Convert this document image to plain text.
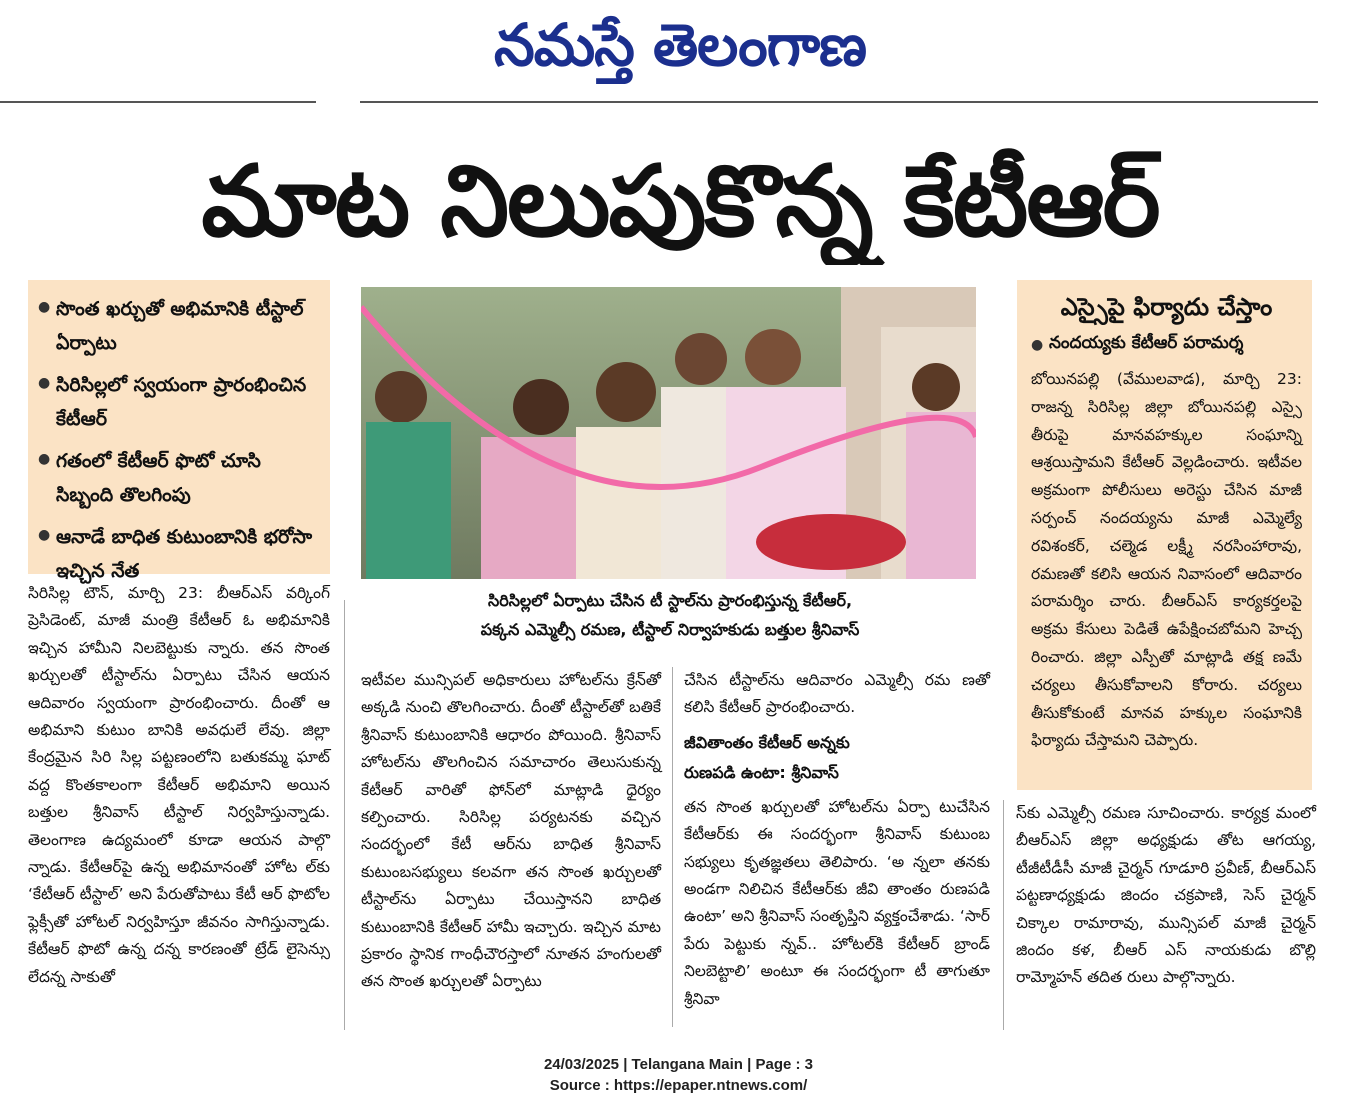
నమస్తే తెలంగాణ
మాట నిలుపుకొన్న కేటీఆర్
● సొంత ఖర్చుతో అభిమానికి టీస్టాల్ ఏర్పాటు
● సిరిసిల్లలో స్వయంగా ప్రారంభించిన కేటీఆర్
● గతంలో కేటీఆర్ ఫొటో చూసి సిబ్బంది తొలగింపు
● ఆనాడే బాధిత కుటుంబానికి భరోసా ఇచ్చిన నేత
సిరిసిల్లలో ఏర్పాటు చేసిన టీ స్టాల్‌ను ప్రారంభిస్తున్న కేటీఆర్,
పక్కన ఎమ్మెల్సీ రమణ, టీస్టాల్ నిర్వాహకుడు బత్తుల శ్రీనివాస్
ఎస్సైపై ఫిర్యాదు చేస్తాం
● నందయ్యకు కేటీఆర్ పరామర్శ
బోయినపల్లి (వేములవాడ), మార్చి 23: రాజన్న సిరిసిల్ల జిల్లా బోయినపల్లి ఎస్సై తీరుపై మానవహక్కుల సంఘాన్ని ఆశ్రయిస్తామని కేటీఆర్ వెల్లడించారు. ఇటీవల అక్రమంగా పోలీసులు అరెస్టు చేసిన మాజీ సర్పంచ్ నందయ్యను మాజీ ఎమ్మెల్యే రవిశంకర్, చల్మెడ లక్ష్మీ నరసింహారావు, రమణతో కలిసి ఆయన నివాసంలో ఆదివారం పరామర్శిం చారు. బీఆర్‌ఎస్ కార్యకర్తలపై అక్రమ కేసులు పెడితే ఉపేక్షించబోమని హెచ్చ రించారు. జిల్లా ఎస్పీతో మాట్లాడి తక్ష ణమే చర్యలు తీసుకోవాలని కోరారు. చర్యలు తీసుకోకుంటే మానవ హక్కుల సంఘానికి ఫిర్యాదు చేస్తామని చెప్పారు.
సిరిసిల్ల టౌన్, మార్చి 23: బీఆర్‌ఎస్ వర్కింగ్ ప్రెసిడెంట్, మాజీ మంత్రి కేటీఆర్ ఓ అభిమానికి ఇచ్చిన హామీని నిలబెట్టుకు న్నారు. తన సొంత ఖర్చులతో టీస్టాల్‌ను ఏర్పాటు చేసిన ఆయన ఆదివారం స్వయంగా ప్రారంభించారు. దీంతో ఆ అభిమాని కుటుం బానికి అవధులే లేవు. జిల్లా కేంద్రమైన సిరి సిల్ల పట్టణంలోని బతుకమ్మ ఘాట్ వద్ద కొంతకాలంగా కేటీఆర్ అభిమాని అయిన బత్తుల శ్రీనివాస్ టీస్టాల్ నిర్వహిస్తున్నాడు. తెలంగాణ ఉద్యమంలో కూడా ఆయన పాల్గొ న్నాడు. కేటీఆర్‌పై ఉన్న అభిమానంతో హోట ల్‌కు ‘కేటీఆర్ టీస్టాల్’ అని పేరుతోపాటు కేటీ ఆర్ ఫొటోల ఫ్లెక్సీతో హోటల్ నిర్వహిస్తూ జీవనం సాగిస్తున్నాడు. కేటీఆర్ ఫొటో ఉన్న దన్న కారణంతో ట్రేడ్ లైసెన్సు లేదన్న సాకుతో
ఇటీవల మున్సిపల్ అధికారులు హోటల్‌ను క్రేన్‌తో అక్కడి నుంచి తొలగించారు. దీంతో టీస్టాల్‌తో బతికే శ్రీనివాస్ కుటుంబానికి ఆధారం పోయింది. శ్రీనివాస్ హోటల్‌ను తొలగించిన సమాచారం తెలుసుకున్న కేటీఆర్ వారితో ఫోన్‌లో మాట్లాడి ధైర్యం కల్పించారు. సిరిసిల్ల పర్యటనకు వచ్చిన సందర్భంలో కేటీ ఆర్‌ను బాధిత శ్రీనివాస్ కుటుంబసభ్యులు కలవగా తన సొంత ఖర్చులతో టీస్టాల్‌ను ఏర్పాటు చేయిస్తానని బాధిత కుటుంబానికి కేటీఆర్ హామీ ఇచ్చారు. ఇచ్చిన మాట ప్రకారం స్థానిక గాంధీచౌరస్తాలో నూతన హంగులతో తన సొంత ఖర్చులతో ఏర్పాటు
చేసిన టీస్టాల్‌ను ఆదివారం ఎమ్మెల్సీ రమ ణతో కలిసి కేటీఆర్ ప్రారంభించారు.
జీవితాంతం కేటీఆర్ అన్నకు
రుణపడి ఉంటా: శ్రీనివాస్
తన సొంత ఖర్చులతో హోటల్‌ను ఏర్పా టుచేసిన కేటీఆర్‌కు ఈ సందర్భంగా శ్రీనివాస్ కుటుంబ సభ్యులు కృతజ్ఞతలు తెలిపారు. ‘అ న్నలా తనకు అండగా నిలిచిన కేటీఆర్‌కు జీవి తాంతం రుణపడి ఉంటా’ అని శ్రీనివాస్ సంతృప్తిని వ్యక్తంచేశాడు. ‘సార్ పేరు పెట్టుకు న్నవ్.. హోటల్‌కి కేటీఆర్ బ్రాండ్ నిలబెట్టాలి’ అంటూ ఈ సందర్భంగా టీ తాగుతూ శ్రీనివా
స్‌కు ఎమ్మెల్సీ రమణ సూచించారు. కార్యక్ర మంలో బీఆర్‌ఎస్ జిల్లా అధ్యక్షుడు తోట ఆగయ్య, టీజీటీడీసీ మాజీ చైర్మన్ గూడూరి ప్రవీణ్, బీఆర్‌ఎస్ పట్టణాధ్యక్షుడు జిందం చక్రపాణి, సెస్ చైర్మన్ చిక్కాల రామారావు, మున్సిపల్ మాజీ చైర్మన్ జిందం కళ, బీఆర్ ఎస్ నాయకుడు బొల్లి రామ్మోహన్ తదిత రులు పాల్గొన్నారు.
24/03/2025 | Telangana Main | Page : 3
Source : https://epaper.ntnews.com/
